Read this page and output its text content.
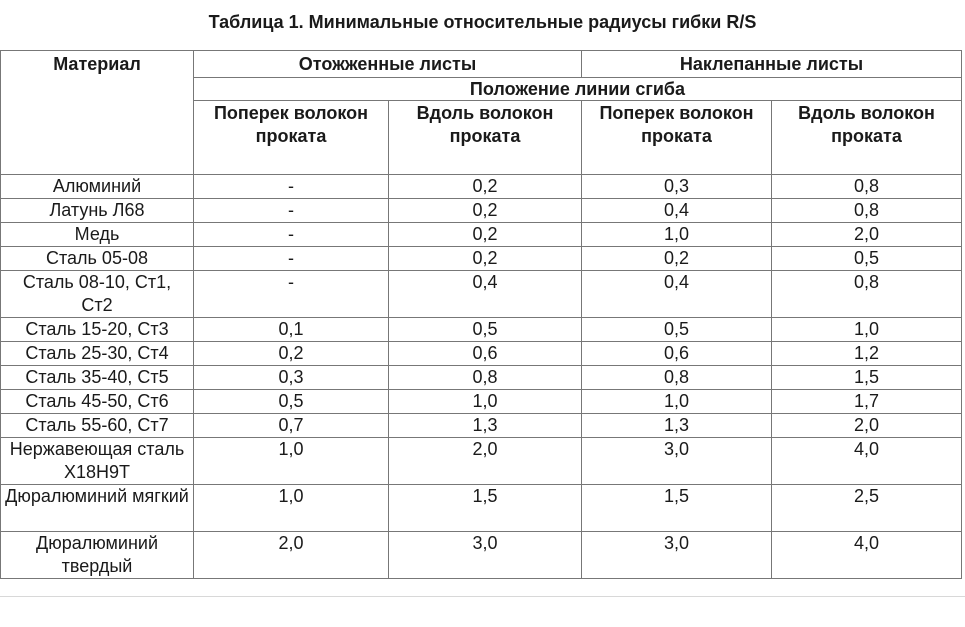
Таблица 1. Минимальные относительные радиусы гибки R/S
Материал	Отожженные листы		Наклепанные листы	
	Положение линии сгиба			
	Поперек волокон проката	Вдоль волокон проката	Поперек волокон проката	Вдоль волокон проката
Алюминий	-	0,2	0,3	0,8
Латунь Л68	-	0,2	0,4	0,8
Медь	-	0,2	1,0	2,0
Сталь 05-08	-	0,2	0,2	0,5
Сталь 08-10, Ст1, Ст2	-	0,4	0,4	0,8
Сталь 15-20, Ст3	0,1	0,5	0,5	1,0
Сталь 25-30, Ст4	0,2	0,6	0,6	1,2
Сталь 35-40, Ст5	0,3	0,8	0,8	1,5
Сталь 45-50, Ст6	0,5	1,0	1,0	1,7
Сталь 55-60, Ст7	0,7	1,3	1,3	2,0
Нержавеющая сталь Х18Н9Т	1,0	2,0	3,0	4,0
Дюралюминий мягкий	1,0	1,5	1,5	2,5
Дюралюминий твердый	2,0	3,0	3,0	4,0
